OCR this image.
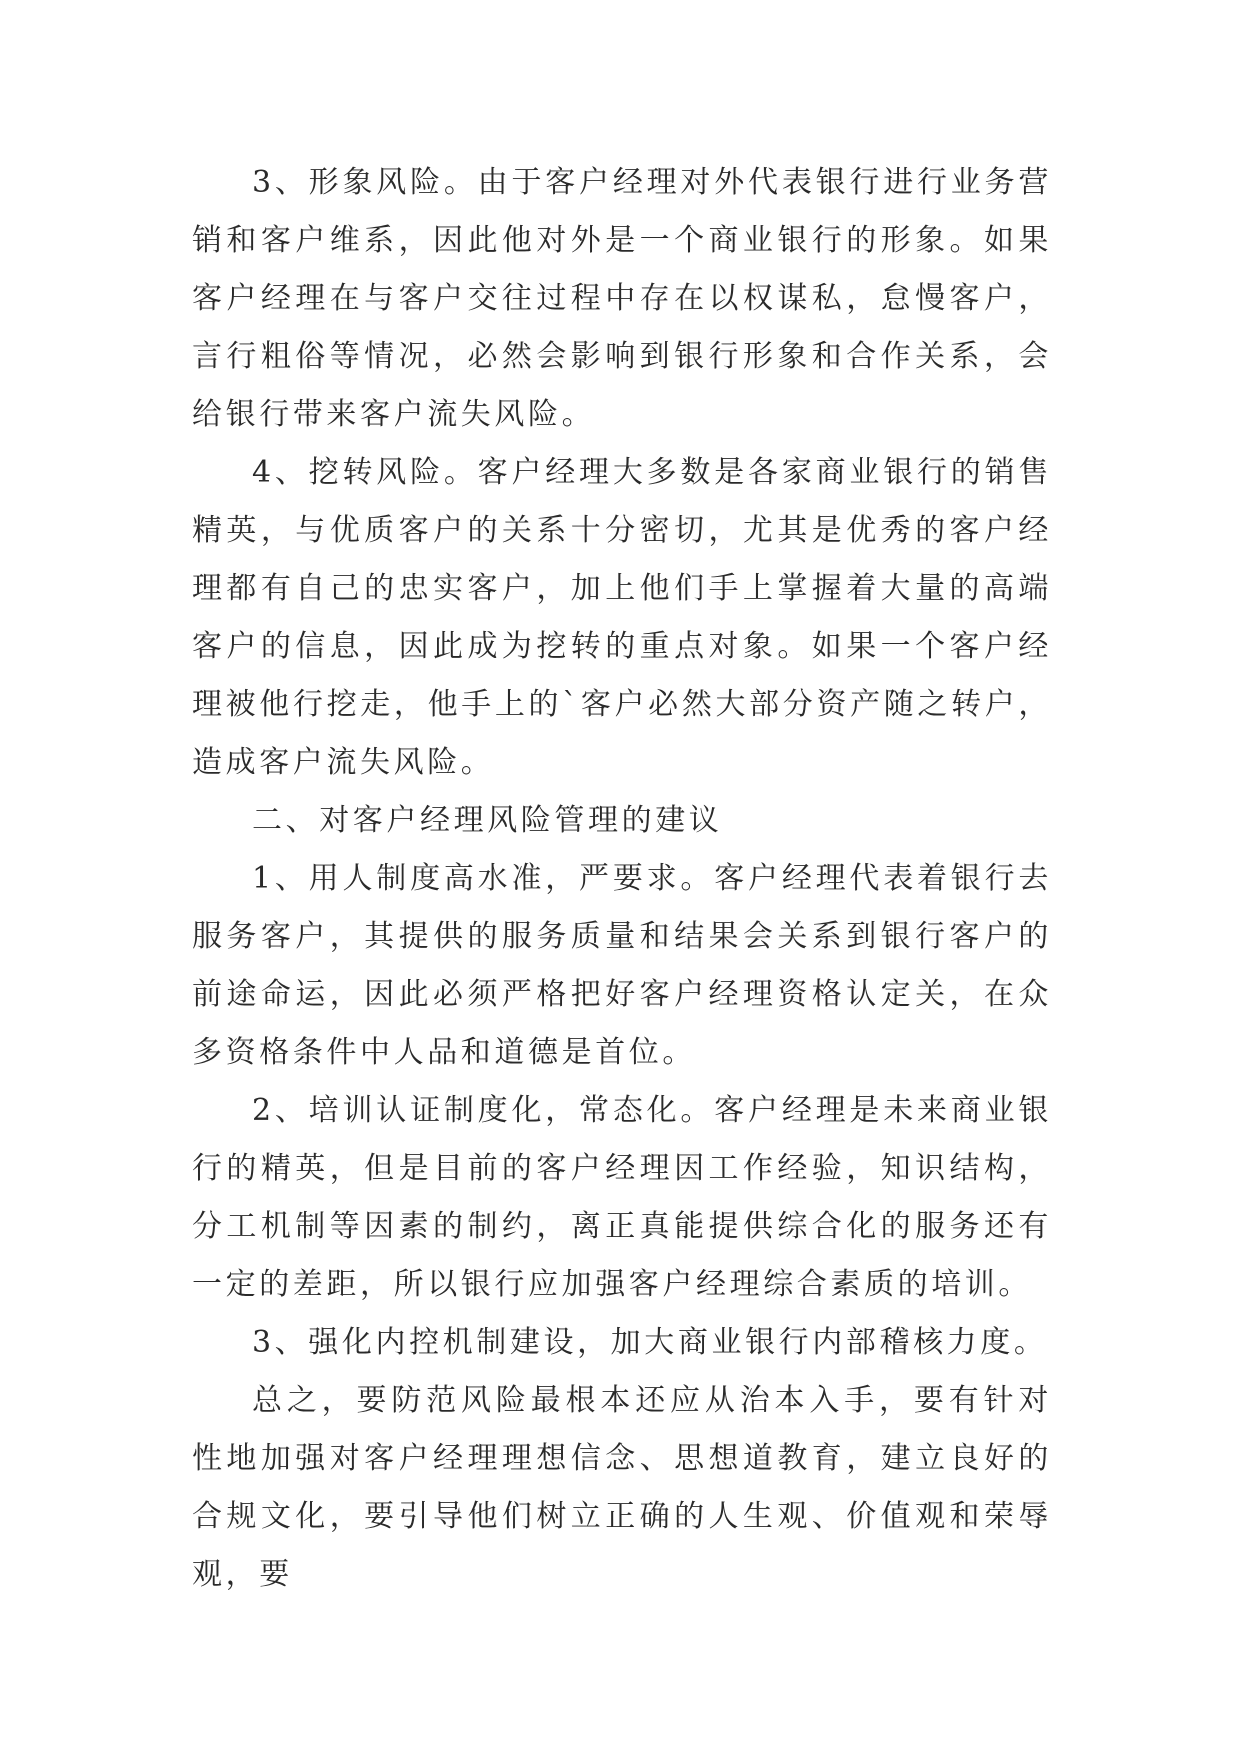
3、形象风险。由于客户经理对外代表银行进行业务营销和客户维系，因此他对外是一个商业银行的形象。如果客户经理在与客户交往过程中存在以权谋私，怠慢客户，言行粗俗等情况，必然会影响到银行形象和合作关系，会给银行带来客户流失风险。

4、挖转风险。客户经理大多数是各家商业银行的销售精英，与优质客户的关系十分密切，尤其是优秀的客户经理都有自己的忠实客户，加上他们手上掌握着大量的高端客户的信息，因此成为挖转的重点对象。如果一个客户经理被他行挖走，他手上的`客户必然大部分资产随之转户，造成客户流失风险。

二、对客户经理风险管理的建议

1、用人制度高水准，严要求。客户经理代表着银行去服务客户，其提供的服务质量和结果会关系到银行客户的前途命运，因此必须严格把好客户经理资格认定关，在众多资格条件中人品和道德是首位。

2、培训认证制度化，常态化。客户经理是未来商业银行的精英，但是目前的客户经理因工作经验，知识结构，分工机制等因素的制约，离正真能提供综合化的服务还有一定的差距，所以银行应加强客户经理综合素质的培训。

3、强化内控机制建设，加大商业银行内部稽核力度。

总之，要防范风险最根本还应从治本入手，要有针对性地加强对客户经理理想信念、思想道教育，建立良好的合规文化，要引导他们树立正确的人生观、价值观和荣辱观，要
